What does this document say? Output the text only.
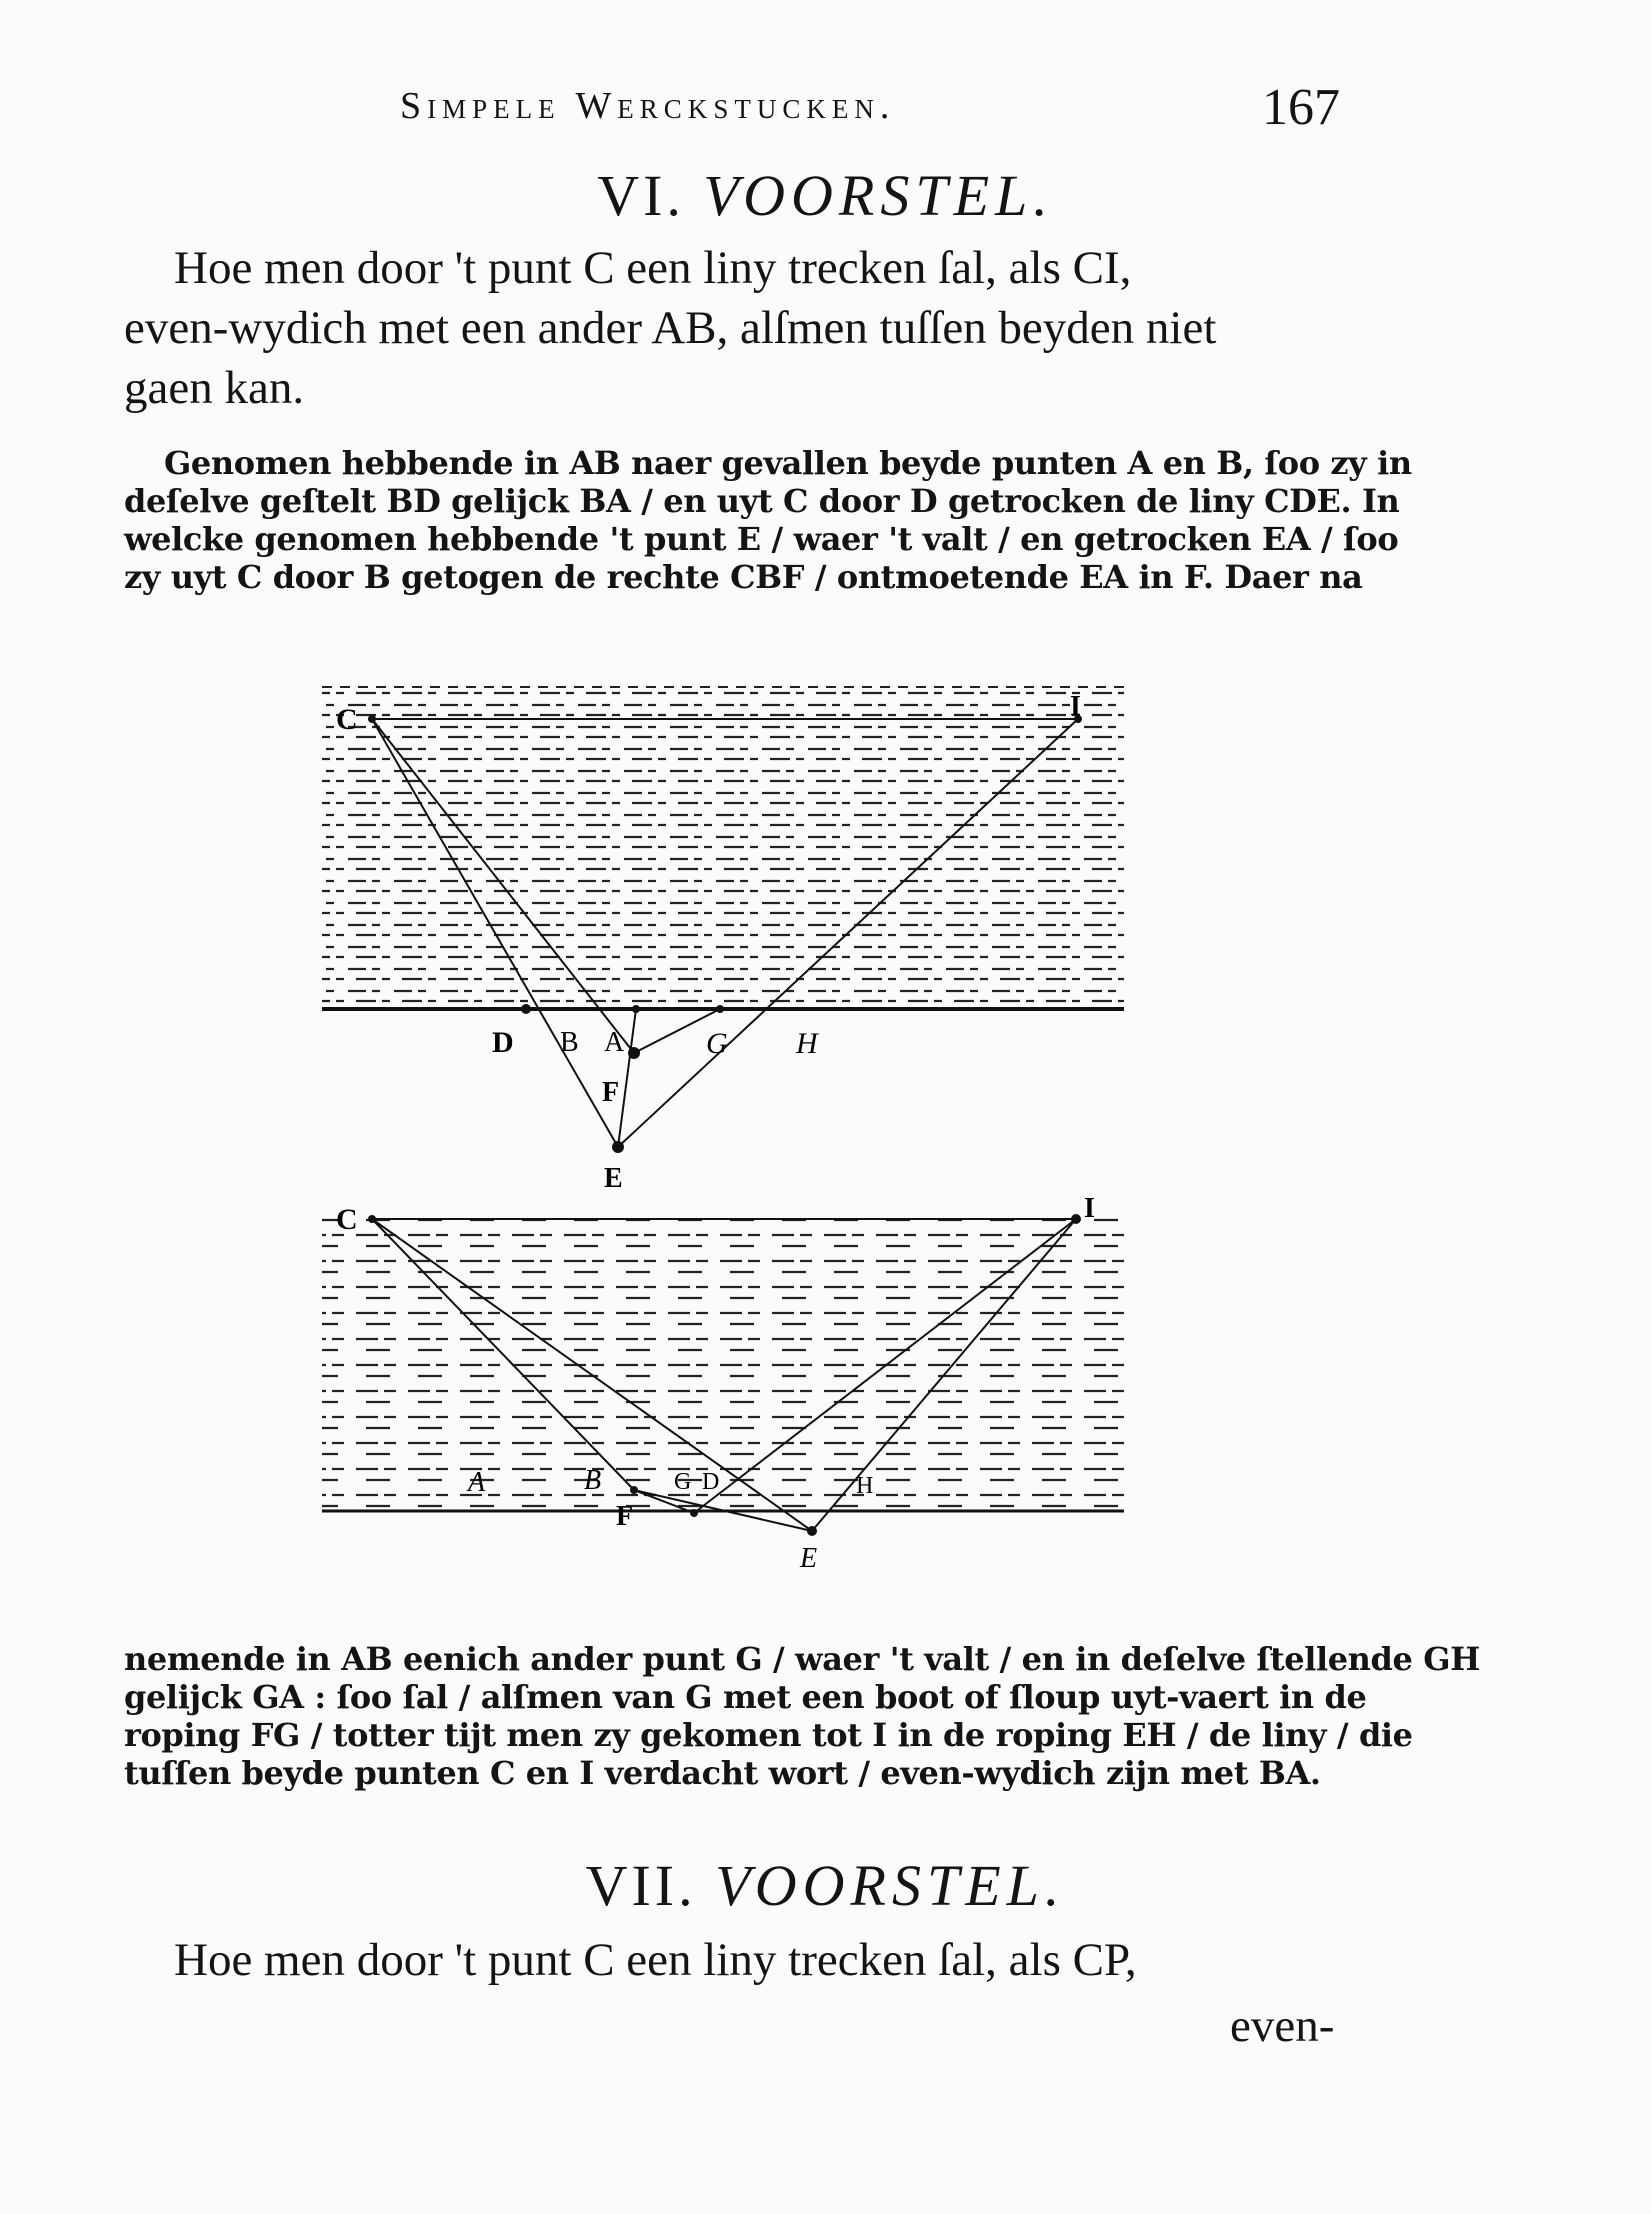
Simpele Werckstucken.	167
VI. VOORSTEL.
Hoe men door 't punt C een liny trecken ſal, als CI,
even-wydich met een ander AB, alſmen tuſſen beyden niet
gaen kan.
Genomen hebbende in AB naer gevallen beyde punten A en B, ſoo zy in
deſelve geſtelt BD gelijck BA / en uyt C door D getrocken de liny CDE. In
welcke genomen hebbende 't punt E / waer 't valt / en getrocken EA / ſoo
zy uyt C door B getogen de rechte CBF / ontmoetende EA in F. Daer na
C	I
D B A	G H
F
E
C	I
A	B	G D	H
F
E
nemende in AB eenich ander punt G / waer 't valt / en in deſelve ſtellende GH
gelijck GA : ſoo ſal / alſmen van G met een boot of ſloup uyt-vaert in de
roping FG / totter tijt men zy gekomen tot I in de roping EH / de liny / die
tuſſen beyde punten C en I verdacht wort / even-wydich zijn met BA.
VII. VOORSTEL.
Hoe men door 't punt C een liny trecken ſal, als CP,
even-
